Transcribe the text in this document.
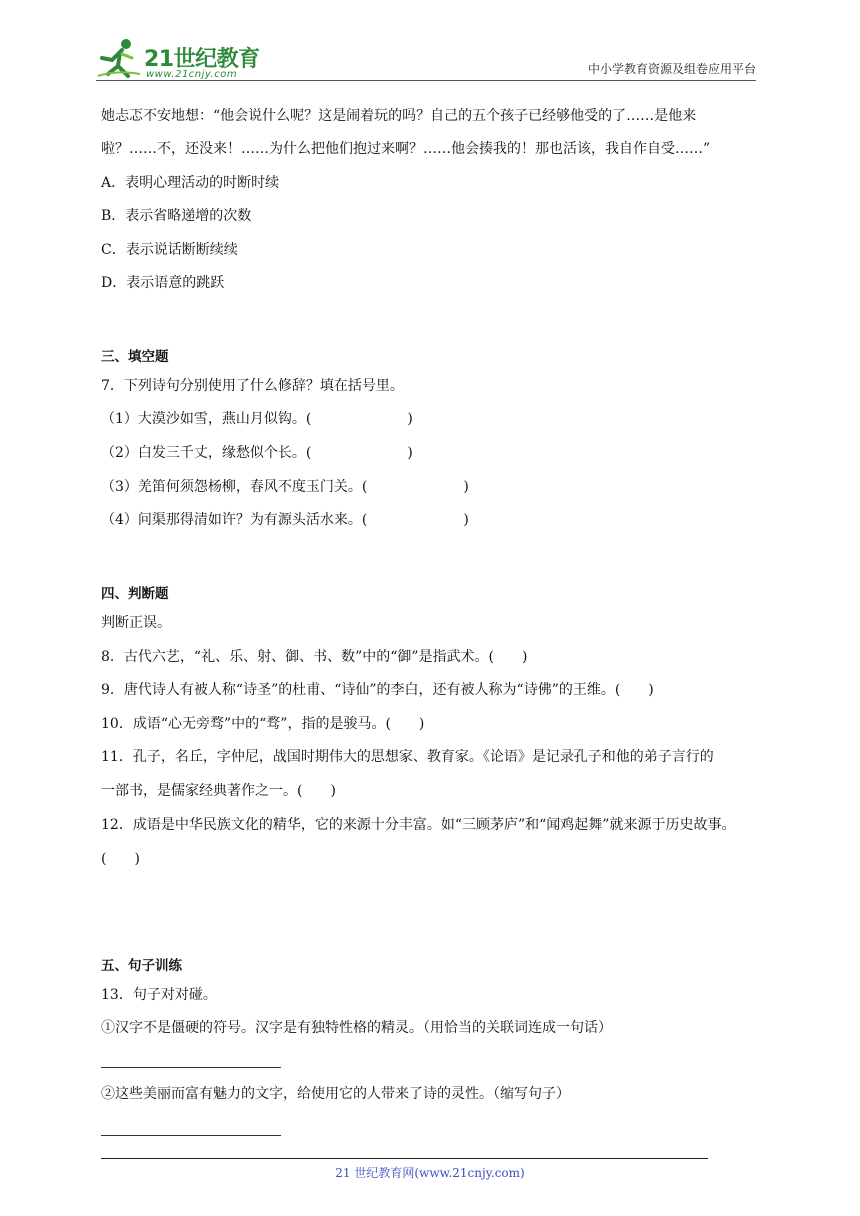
21世纪教育
www.21cnjy.com	中小学教育资源及组卷应用平台
她忐忑不安地想：“他会说什么呢？这是闹着玩的吗？自己的五个孩子已经够他受的了……是他来
啦？……不，还没来！……为什么把他们抱过来啊？……他会揍我的！那也活该，我自作自受……”
A．表明心理活动的时断时续
B．表示省略递增的次数
C．表示说话断断续续
D．表示语意的跳跃
三、填空题
7．下列诗句分别使用了什么修辞？填在括号里。
（1）大漠沙如雪，燕山月似钩。(	)
（2）白发三千丈，缘愁似个长。(	)
（3）羌笛何须怨杨柳，春风不度玉门关。(	)
（4）问渠那得清如许？为有源头活水来。(	)
四、判断题
判断正误。
8．古代六艺，“礼、乐、射、御、书、数”中的“御”是指武术。(　　)
9．唐代诗人有被人称“诗圣”的杜甫、“诗仙”的李白，还有被人称为“诗佛”的王维。(　　)
10．成语“心无旁骛”中的“骛”，指的是骏马。(　　)
11．孔子，名丘，字仲尼，战国时期伟大的思想家、教育家。《论语》是记录孔子和他的弟子言行的
一部书，是儒家经典著作之一。(　　)
12．成语是中华民族文化的精华，它的来源十分丰富。如“三顾茅庐”和“闻鸡起舞”就来源于历史故事。
(　　)
五、句子训练
13．句子对对碰。
①汉字不是僵硬的符号。汉字是有独特性格的精灵。（用恰当的关联词连成一句话）
②这些美丽而富有魅力的文字，给使用它的人带来了诗的灵性。（缩写句子）
21 世纪教育网(www.21cnjy.com)
